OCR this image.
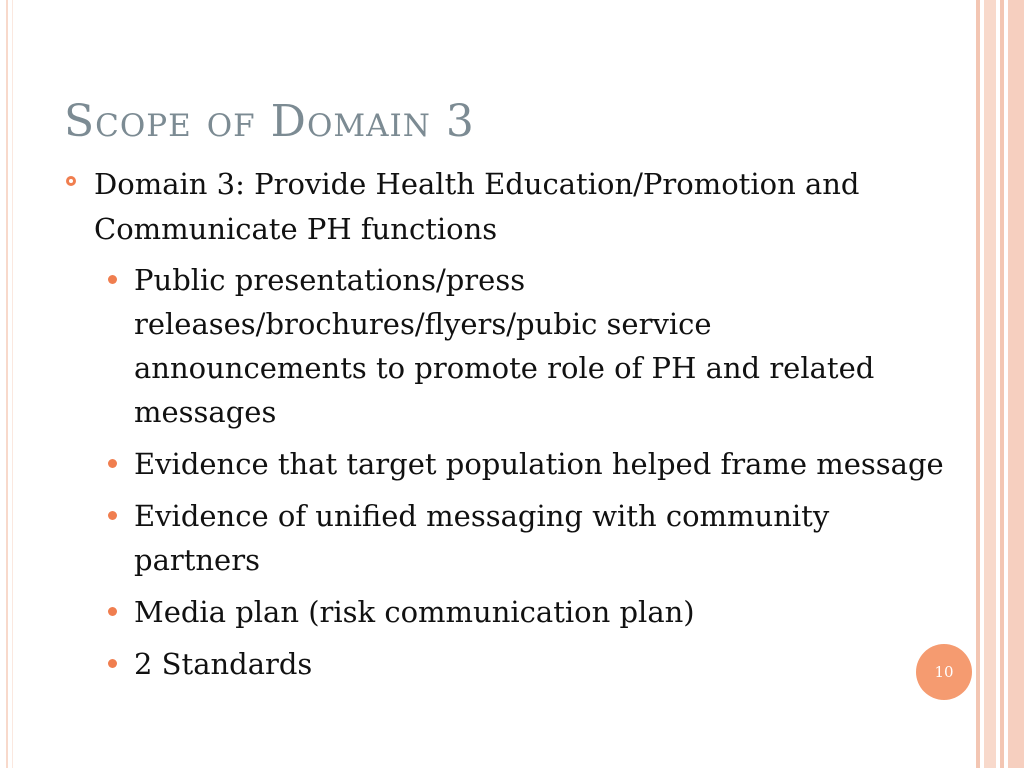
Scope of Domain 3
Domain 3: Provide Health Education/Promotion and Communicate PH functions
Public presentations/press releases/brochures/flyers/pubic service announcements to promote role of PH and related messages
Evidence that target population helped frame message
Evidence of unified messaging with community partners
Media plan (risk communication plan)
2 Standards	10
